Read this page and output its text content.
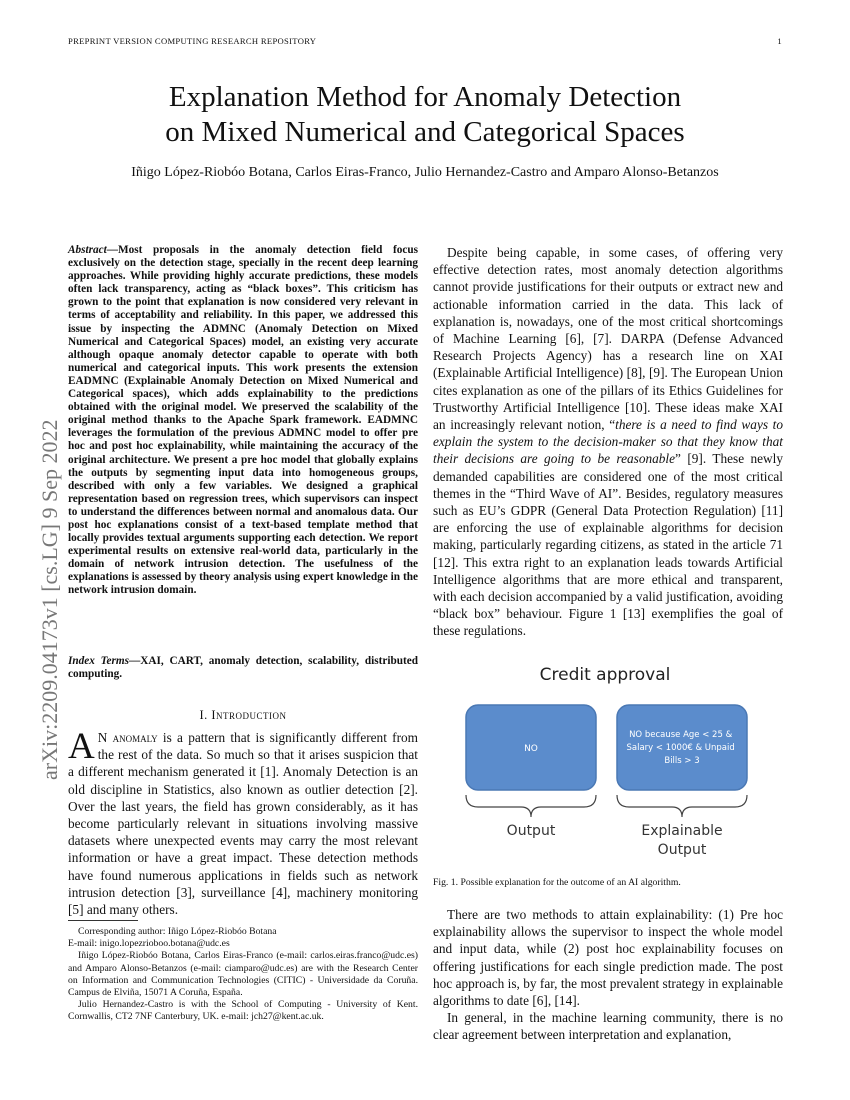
PREPRINT VERSION COMPUTING RESEARCH REPOSITORY	1
Explanation Method for Anomaly Detection
on Mixed Numerical and Categorical Spaces
Iñigo López-Riobóo Botana, Carlos Eiras-Franco, Julio Hernandez-Castro and Amparo Alonso-Betanzos
arXiv:2209.04173v1 [cs.LG] 9 Sep 2022
Abstract—Most proposals in the anomaly detection field focus exclusively on the detection stage, specially in the recent deep learning approaches. While providing highly accurate predictions, these models often lack transparency, acting as “black boxes”. This criticism has grown to the point that explanation is now considered very relevant in terms of acceptability and reliability. In this paper, we addressed this issue by inspecting the ADMNC (Anomaly Detection on Mixed Numerical and Categorical Spaces) model, an existing very accurate although opaque anomaly detector capable to operate with both numerical and categorical inputs. This work presents the extension EADMNC (Explainable Anomaly Detection on Mixed Numerical and Categorical spaces), which adds explainability to the predictions obtained with the original model. We preserved the scalability of the original method thanks to the Apache Spark framework. EADMNC leverages the formulation of the previous ADMNC model to offer pre hoc and post hoc explainability, while maintaining the accuracy of the original architecture. We present a pre hoc model that globally explains the outputs by segmenting input data into homogeneous groups, described with only a few variables. We designed a graphical representation based on regression trees, which supervisors can inspect to understand the differences between normal and anomalous data. Our post hoc explanations consist of a text-based template method that locally provides textual arguments supporting each detection. We report experimental results on extensive real-world data, particularly in the domain of network intrusion detection. The usefulness of the explanations is assessed by theory analysis using expert knowledge in the network intrusion domain.
Index Terms—XAI, CART, anomaly detection, scalability, distributed computing.
I. Introduction
A N anomaly is a pattern that is significantly different from the rest of the data. So much so that it arises suspicion that a different mechanism generated it [1]. Anomaly Detection is an old discipline in Statistics, also known as outlier detection [2]. Over the last years, the field has grown considerably, as it has become particularly relevant in situations involving massive datasets where unexpected events may carry the most relevant information or have a great impact. These detection methods have found numerous applications in fields such as network intrusion detection [3], surveillance [4], machinery monitoring [5] and many others.

Corresponding author: Iñigo López-Riobóo Botana

E-mail: inigo.lopezrioboo.botana@udc.es

Iñigo López-Riobóo Botana, Carlos Eiras-Franco (e-mail: carlos.eiras.franco@udc.es) and Amparo Alonso-Betanzos (e-mail: ciamparo@udc.es) are with the Research Center on Information and Communication Technologies (CITIC) - Universidade da Coruña. Campus de Elviña, 15071 A Coruña, España.

Julio Hernandez-Castro is with the School of Computing - University of Kent. Cornwallis, CT2 7NF Canterbury, UK. e-mail: jch27@kent.ac.uk.

Despite being capable, in some cases, of offering very effective detection rates, most anomaly detection algorithms cannot provide justifications for their outputs or extract new and actionable information carried in the data. This lack of explanation is, nowadays, one of the most critical shortcomings of Machine Learning [6], [7]. DARPA (Defense Advanced Research Projects Agency) has a research line on XAI (Explainable Artificial Intelligence) [8], [9]. The European Union cites explanation as one of the pillars of its Ethics Guidelines for Trustworthy Artificial Intelligence [10]. These ideas make XAI an increasingly relevant notion, “there is a need to find ways to explain the system to the decision-maker so that they know that their decisions are going to be reasonable” [9]. These newly demanded capabilities are considered one of the most critical themes in the “Third Wave of AI”. Besides, regulatory measures such as EU’s GDPR (General Data Protection Regulation) [11] are enforcing the use of explainable algorithms for decision making, particularly regarding citizens, as stated in the article 71 [12]. This extra right to an explanation leads towards Artificial Intelligence algorithms that are more ethical and transparent, with each decision accompanied by a valid justification, avoiding “black box” behaviour. Figure 1 [13] exemplifies the goal of these regulations.

Credit approval
NO
NO because Age < 25 & Salary < 1000€ & Unpaid Bills > 3
Output	Explainable
Output
Fig. 1. Possible explanation for the outcome of an AI algorithm.

There are two methods to attain explainability: (1) Pre hoc explainability allows the supervisor to inspect the whole model and input data, while (2) post hoc explainability focuses on offering justifications for each single prediction made. The post hoc approach is, by far, the most prevalent strategy in explainable algorithms to date [6], [14].

In general, in the machine learning community, there is no clear agreement between interpretation and explanation,
